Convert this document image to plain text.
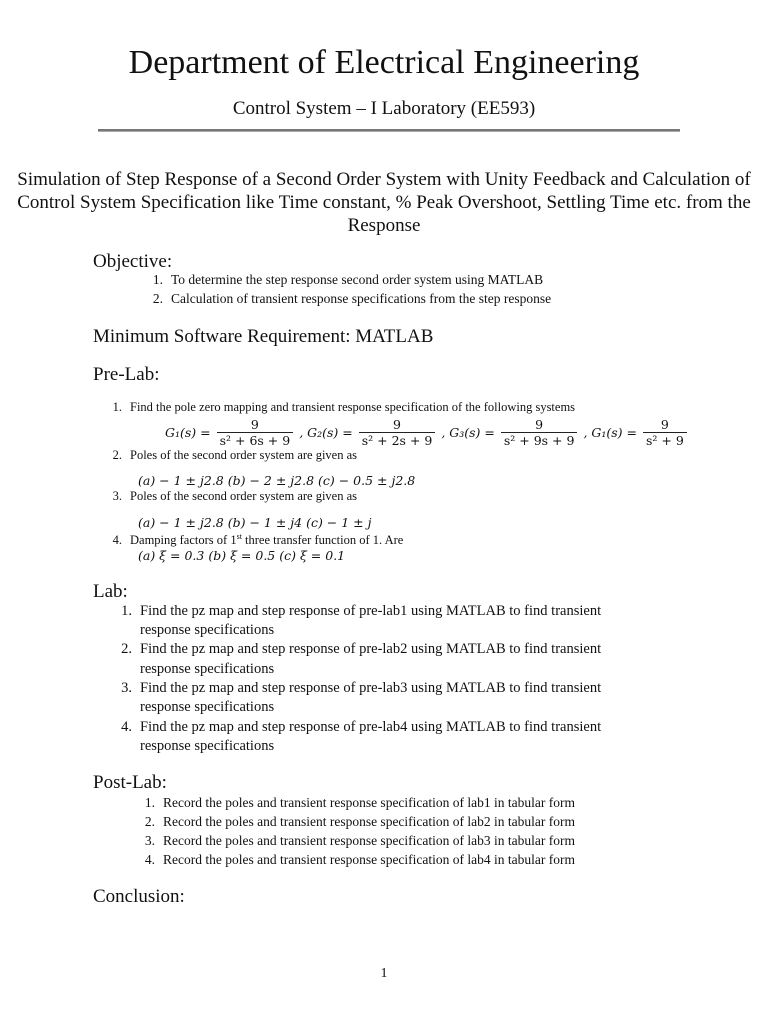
Department of Electrical Engineering
Control System – I Laboratory (EE593)
Simulation of Step Response of a Second Order System with Unity Feedback and Calculation of Control System Specification like Time constant, % Peak Overshoot, Settling Time etc. from the Response
Objective:
1. To determine the step response second order system using MATLAB
2. Calculation of transient response specifications from the step response
Minimum Software Requirement: MATLAB
Pre-Lab:
1. Find the pole zero mapping and transient response specification of the following systems
$G_1(s) = \frac{9}{\text{s² + 6s + 9}}$ , $G_2(s) = \frac{9}{\text{s² + 2s + 9}}$ , $G_3(s) = \frac{9}{\text{s² + 9s + 9}}$ , $G_1(s) = \frac{9}{\text{s² + 9}}$
2. Poles of the second order system are given as
(a) − 1 ± j2.8 (b) − 2 ± j2.8 (c) − 0.5 ± j2.8
3. Poles of the second order system are given as
(a) − 1 ± j2.8 (b) − 1 ± j4 (c) − 1 ± j
4. Damping factors of 1st three transfer function of 1. Are
(a) ξ = 0.3 (b) ξ = 0.5 (c) ξ = 0.1
Lab:
1. Find the pz map and step response of pre-lab1 using MATLAB to find transient
response specifications
2. Find the pz map and step response of pre-lab2 using MATLAB to find transient
response specifications
3. Find the pz map and step response of pre-lab3 using MATLAB to find transient
response specifications
4. Find the pz map and step response of pre-lab4 using MATLAB to find transient
response specifications
Post-Lab:
1. Record the poles and transient response specification of lab1 in tabular form
2. Record the poles and transient response specification of lab2 in tabular form
3. Record the poles and transient response specification of lab3 in tabular form
4. Record the poles and transient response specification of lab4 in tabular form
Conclusion:
1
